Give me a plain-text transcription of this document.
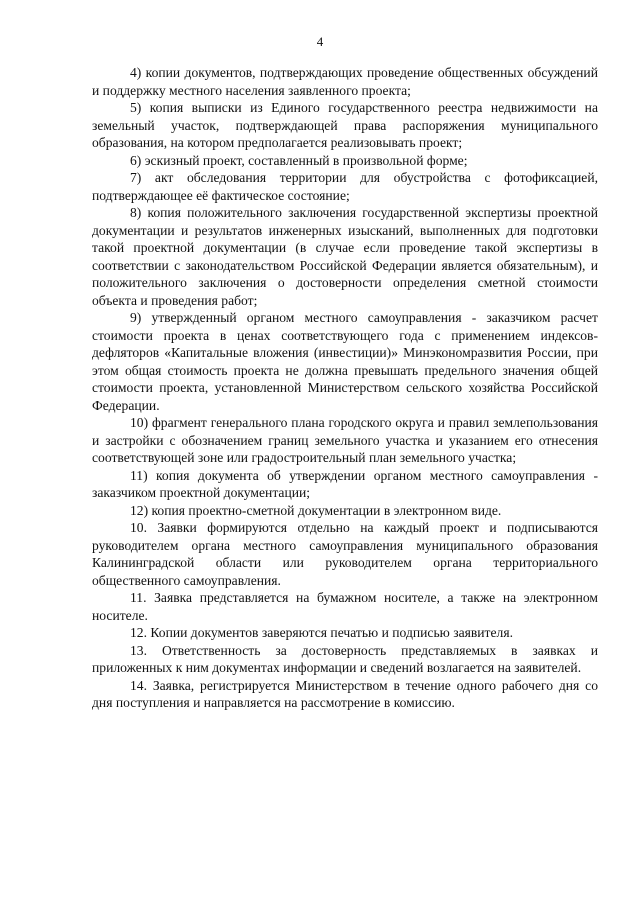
4

4) копии документов, подтверждающих проведение общественных обсуждений и поддержку местного населения заявленного проекта;

5) копия выписки из Единого государственного реестра недвижимости на земельный участок, подтверждающей права распоряжения муниципального образования, на котором предполагается реализовывать проект;

6) эскизный проект, составленный в произвольной форме;

7) акт обследования территории для обустройства с фотофиксацией, подтверждающее её фактическое состояние;

8) копия положительного заключения государственной экспертизы проектной документации и результатов инженерных изысканий, выполненных для подготовки такой проектной документации (в случае если проведение такой экспертизы в соответствии с законодательством Российской Федерации является обязательным), и положительного заключения о достоверности определения сметной стоимости объекта и проведения работ;

9) утвержденный органом местного самоуправления - заказчиком расчет стоимости проекта в ценах соответствующего года с применением индексов-дефляторов «Капитальные вложения (инвестиции)» Минэкономразвития России, при этом общая стоимость проекта не должна превышать предельного значения общей стоимости проекта, установленной Министерством сельского хозяйства Российской Федерации.

10) фрагмент генерального плана городского округа и правил землепользования и застройки с обозначением границ земельного участка и указанием его отнесения соответствующей зоне или градостроительный план земельного участка;

11) копия документа об утверждении органом местного самоуправления - заказчиком проектной документации;

12) копия проектно-сметной документации в электронном виде.

10. Заявки формируются отдельно на каждый проект и подписываются руководителем органа местного самоуправления муниципального образования Калининградской области или руководителем органа территориального общественного самоуправления.

11. Заявка представляется на бумажном носителе, а также на электронном носителе.

12. Копии документов заверяются печатью и подписью заявителя.

13. Ответственность за достоверность представляемых в заявках и приложенных к ним документах информации и сведений возлагается на заявителей.

14. Заявка, регистрируется Министерством в течение одного рабочего дня со дня поступления и направляется на рассмотрение в комиссию.
